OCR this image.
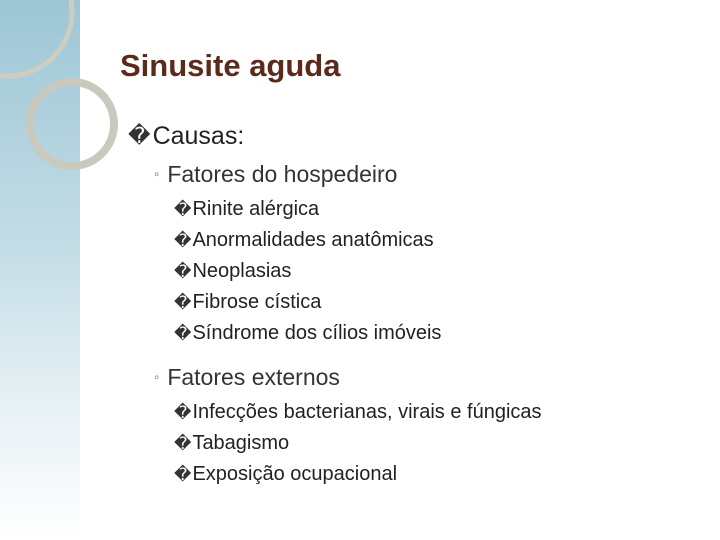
Sinusite aguda
� Causas:
◦ Fatores do hospedeiro
� Rinite alérgica
� Anormalidades anatômicas
� Neoplasias
� Fibrose cística
� Síndrome dos cílios imóveis
◦ Fatores externos
� Infecções bacterianas, virais e fúngicas
� Tabagismo
� Exposição ocupacional
